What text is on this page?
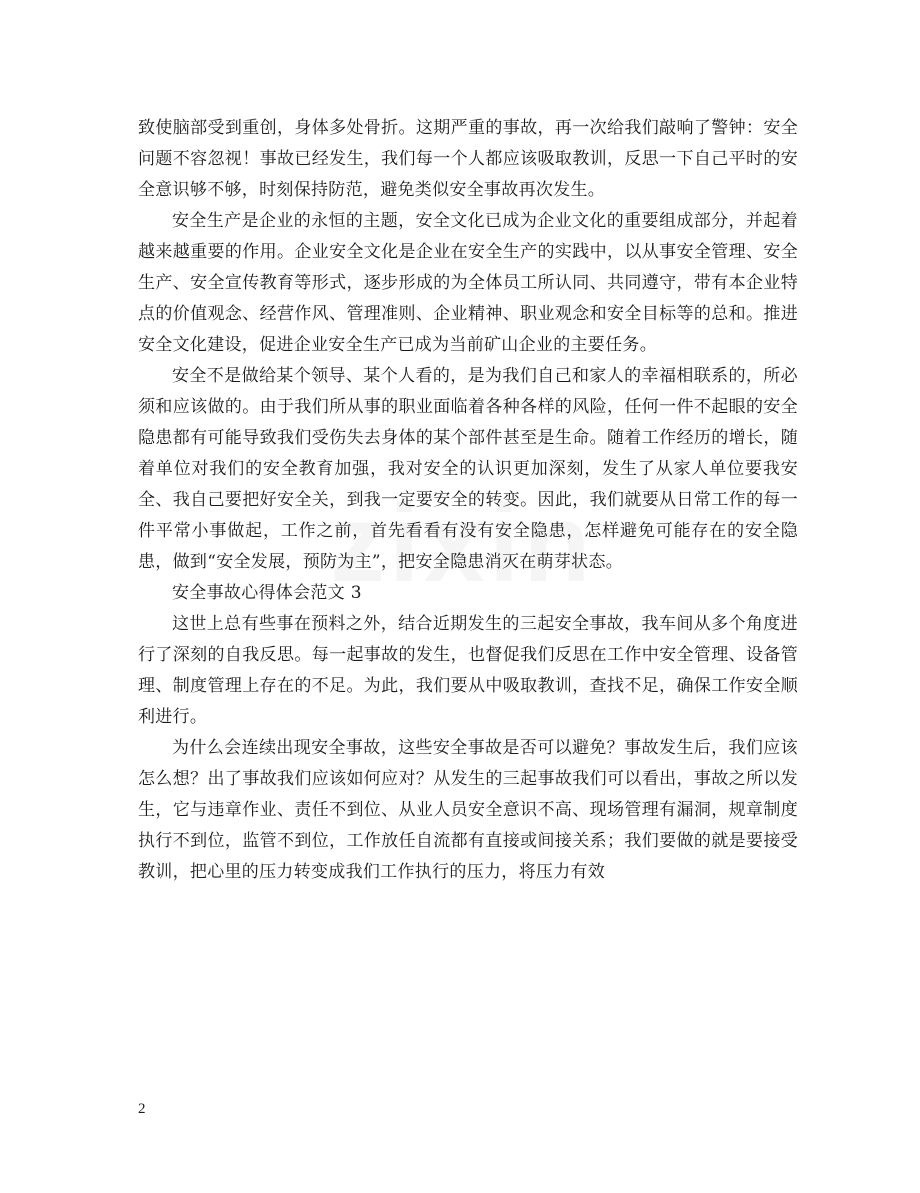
致使脑部受到重创，身体多处骨折。这期严重的事故，再一次给我们敲响了警钟：安全问题不容忽视！事故已经发生，我们每一个人都应该吸取教训，反思一下自己平时的安全意识够不够，时刻保持防范，避免类似安全事故再次发生。

安全生产是企业的永恒的主题，安全文化已成为企业文化的重要组成部分，并起着越来越重要的作用。企业安全文化是企业在安全生产的实践中，以从事安全管理、安全生产、安全宣传教育等形式，逐步形成的为全体员工所认同、共同遵守，带有本企业特点的价值观念、经营作风、管理准则、企业精神、职业观念和安全目标等的总和。推进安全文化建设，促进企业安全生产已成为当前矿山企业的主要任务。

安全不是做给某个领导、某个人看的，是为我们自己和家人的幸福相联系的，所必须和应该做的。由于我们所从事的职业面临着各种各样的风险，任何一件不起眼的安全隐患都有可能导致我们受伤失去身体的某个部件甚至是生命。随着工作经历的增长，随着单位对我们的安全教育加强，我对安全的认识更加深刻，发生了从家人单位要我安全、我自己要把好安全关，到我一定要安全的转变。因此，我们就要从日常工作的每一件平常小事做起，工作之前，首先看看有没有安全隐患，怎样避免可能存在的安全隐患，做到“安全发展，预防为主”，把安全隐患消灭在萌芽状态。

安全事故心得体会范文 3

这世上总有些事在预料之外，结合近期发生的三起安全事故，我车间从多个角度进行了深刻的自我反思。每一起事故的发生，也督促我们反思在工作中安全管理、设备管理、制度管理上存在的不足。为此，我们要从中吸取教训，查找不足，确保工作安全顺利进行。

为什么会连续出现安全事故，这些安全事故是否可以避免？事故发生后，我们应该怎么想？出了事故我们应该如何应对？从发生的三起事故我们可以看出，事故之所以发生，它与违章作业、责任不到位、从业人员安全意识不高、现场管理有漏洞，规章制度执行不到位，监管不到位，工作放任自流都有直接或间接关系；我们要做的就是要接受教训，把心里的压力转变成我们工作执行的压力，将压力有效

2
